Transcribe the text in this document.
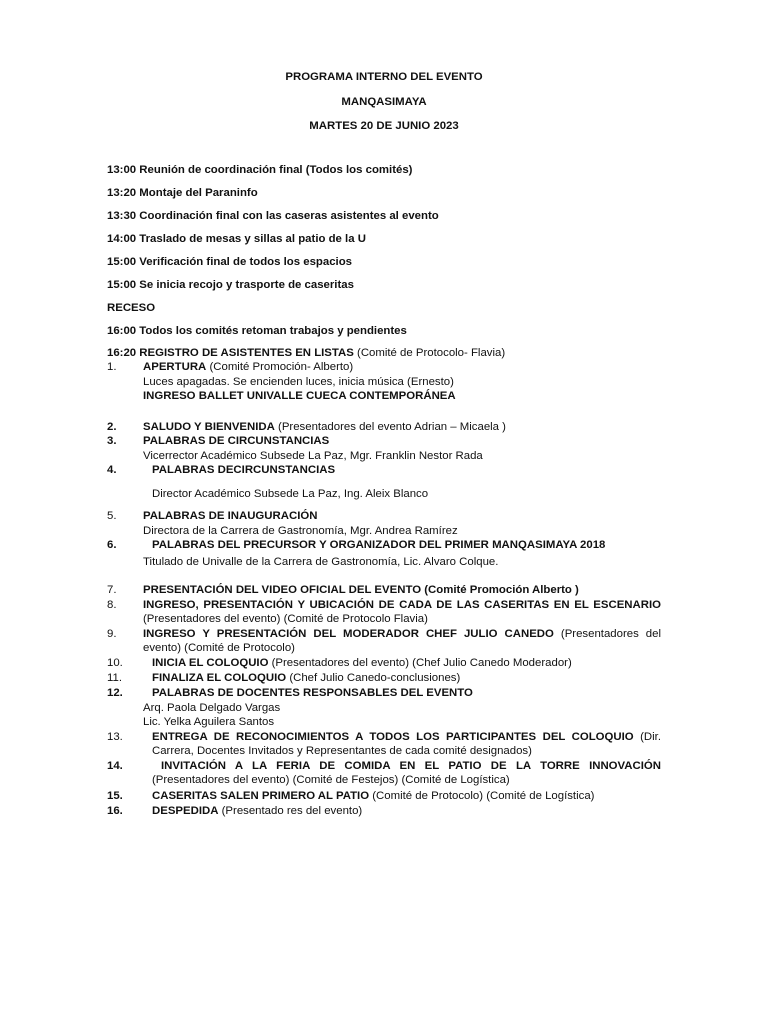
PROGRAMA INTERNO DEL EVENTO
MANQASIMAYA
MARTES 20 DE JUNIO 2023
13:00 Reunión de coordinación final (Todos los comités)
13:20 Montaje del Paraninfo
13:30 Coordinación final con las caseras asistentes al evento
14:00 Traslado de mesas y sillas al patio de la U
15:00 Verificación final de todos los espacios
15:00 Se inicia recojo y trasporte de caseritas
RECESO
16:00 Todos los comités retoman trabajos y pendientes
16:20 REGISTRO DE ASISTENTES EN LISTAS (Comité de Protocolo- Flavia)
1. APERTURA (Comité Promoción- Alberto)
Luces apagadas. Se encienden luces, inicia música (Ernesto)
INGRESO BALLET UNIVALLE CUECA CONTEMPORÁNEA
2. SALUDO Y BIENVENIDA (Presentadores del evento Adrian – Micaela )
3. PALABRAS DE CIRCUNSTANCIAS
Vicerrector Académico Subsede La Paz, Mgr. Franklin Nestor Rada
4.	PALABRAS DECIRCUNSTANCIAS
Director Académico Subsede La Paz, Ing. Aleix Blanco
5. PALABRAS DE INAUGURACIÓN
Directora de la Carrera de Gastronomía, Mgr. Andrea Ramírez
6.	PALABRAS DEL PRECURSOR Y ORGANIZADOR DEL PRIMER MANQASIMAYA 2018
Titulado de Univalle de la Carrera de Gastronomía, Lic. Alvaro Colque.
7. PRESENTACIÓN DEL VIDEO OFICIAL DEL EVENTO (Comité Promoción Alberto )
8. INGRESO, PRESENTACIÓN Y UBICACIÓN DE CADA DE LAS CASERITAS EN EL ESCENARIO
(Presentadores del evento) (Comité de Protocolo Flavia)
9. INGRESO Y PRESENTACIÓN DEL MODERADOR CHEF JULIO CANEDO (Presentadores del
evento) (Comité de Protocolo)
10.	INICIA EL COLOQUIO (Presentadores del evento) (Chef Julio Canedo Moderador)
11.	FINALIZA EL COLOQUIO (Chef Julio Canedo-conclusiones)
12.	PALABRAS DE DOCENTES RESPONSABLES DEL EVENTO
Arq. Paola Delgado Vargas
Lic. Yelka Aguilera Santos
13.	ENTREGA DE RECONOCIMIENTOS A TODOS LOS PARTICIPANTES DEL COLOQUIO (Dir.
Carrera, Docentes Invitados y Representantes de cada comité designados)
14.	INVITACIÓN A LA FERIA DE COMIDA EN EL PATIO DE LA TORRE INNOVACIÓN
(Presentadores del evento) (Comité de Festejos) (Comité de Logística)
15.	CASERITAS SALEN PRIMERO AL PATIO (Comité de Protocolo) (Comité de Logística)
16.	DESPEDIDA (Presentado res del evento)
